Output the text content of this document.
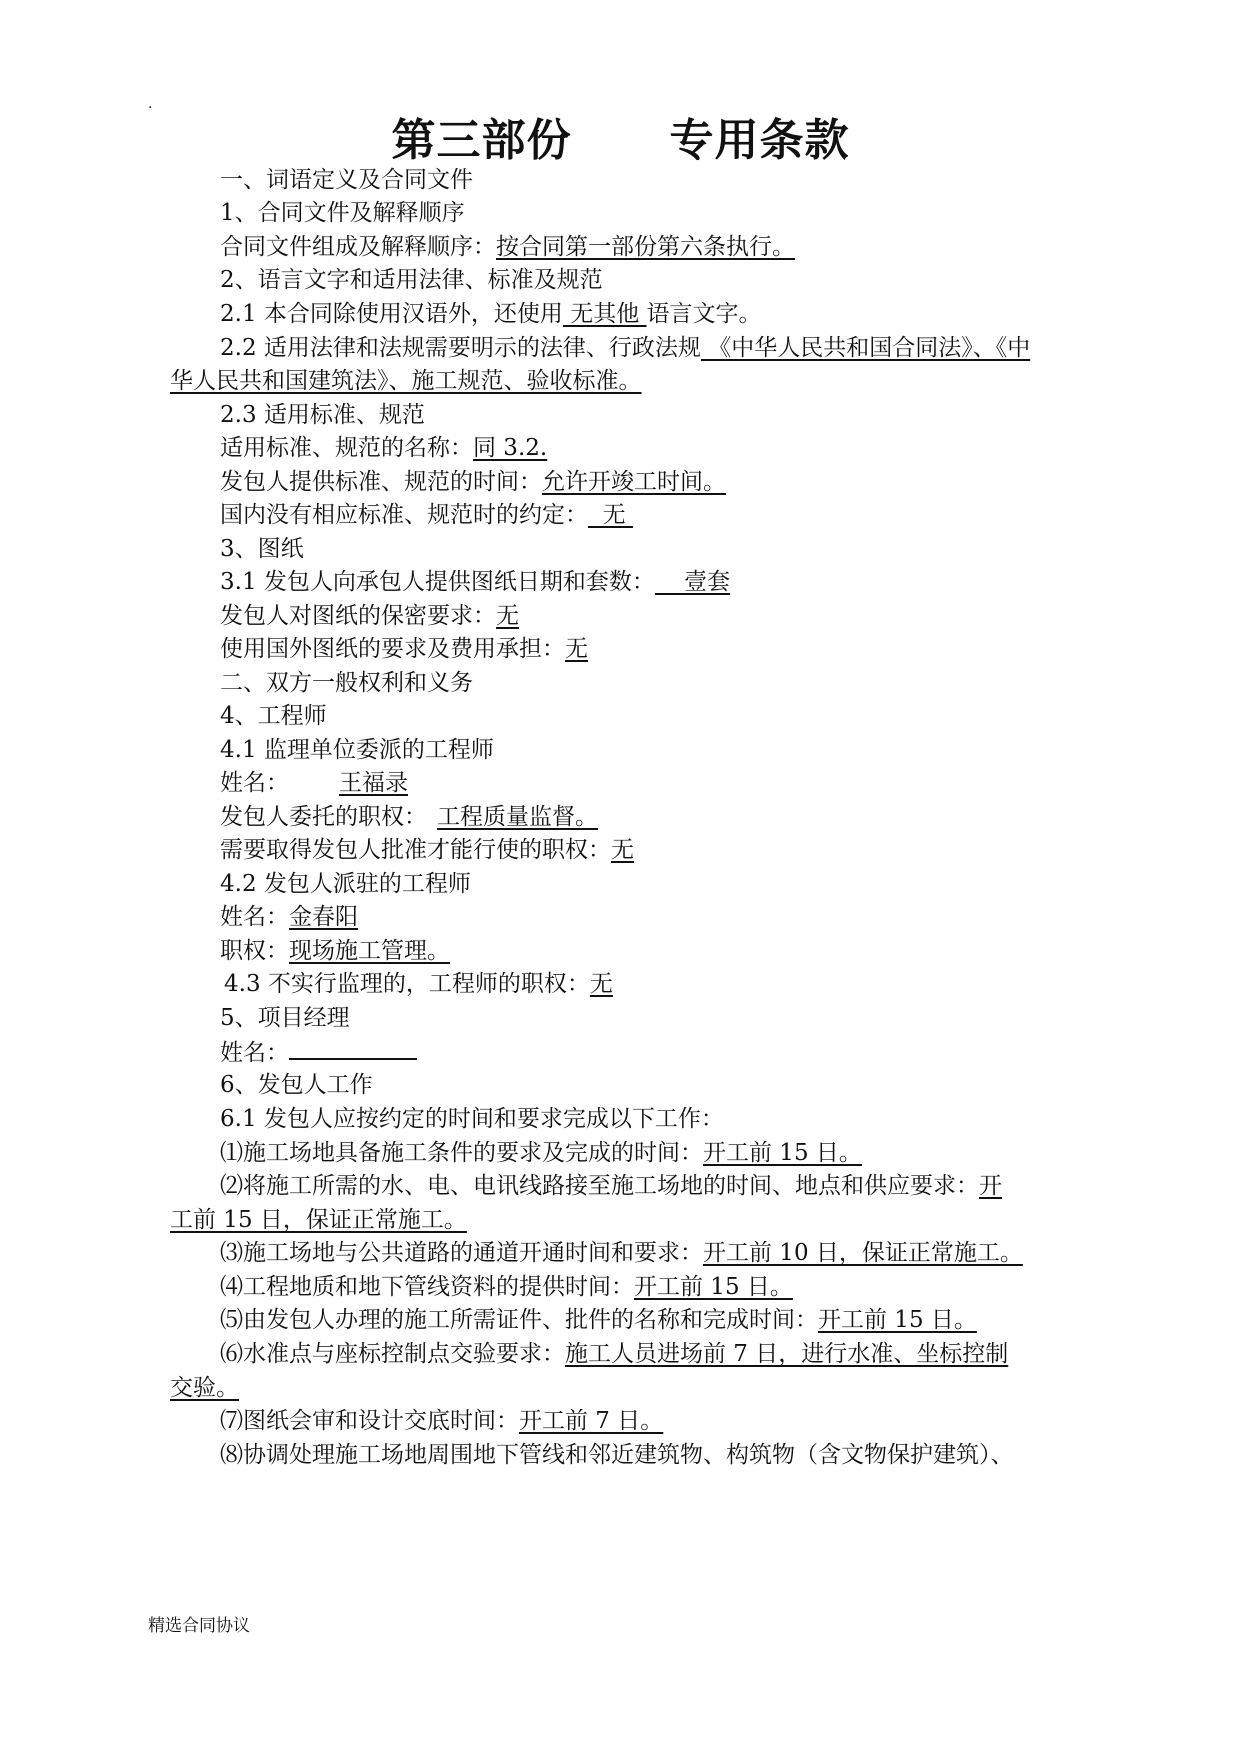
.
第三部份      专用条款
一、词语定义及合同文件
1、合同文件及解释顺序
合同文件组成及解释顺序：按合同第一部份第六条执行。
2、语言文字和适用法律、标准及规范
2.1 本合同除使用汉语外，还使用 无其他 语言文字。
2.2 适用法律和法规需要明示的法律、行政法规 《中华人民共和国合同法》、《中
华人民共和国建筑法》、施工规范、验收标准。
2.3 适用标准、规范
适用标准、规范的名称：同 3.2.
发包人提供标准、规范的时间：允许开竣工时间。
国内没有相应标准、规范时的约定：  无
3、图纸
3.1 发包人向承包人提供图纸日期和套数：    壹套
发包人对图纸的保密要求：无
使用国外图纸的要求及费用承担：无
二、双方一般权利和义务
4、工程师
4.1 监理单位委派的工程师
姓名： 王福录
发包人委托的职权： 工程质量监督。
需要取得发包人批准才能行使的职权：无
4.2 发包人派驻的工程师
姓名：金春阳
职权：现场施工管理。
4.3 不实行监理的，工程师的职权：无
5、项目经理
姓名：
6、发包人工作
6.1 发包人应按约定的时间和要求完成以下工作：
⑴施工场地具备施工条件的要求及完成的时间：开工前 15 日。
⑵将施工所需的水、电、电讯线路接至施工场地的时间、地点和供应要求：开
工前 15 日，保证正常施工。
⑶施工场地与公共道路的通道开通时间和要求：开工前 10 日，保证正常施工。
⑷工程地质和地下管线资料的提供时间：开工前 15 日。
⑸由发包人办理的施工所需证件、批件的名称和完成时间：开工前 15 日。
⑹水准点与座标控制点交验要求：施工人员进场前 7 日，进行水准、坐标控制
交验。
⑺图纸会审和设计交底时间：开工前 7 日。
⑻协调处理施工场地周围地下管线和邻近建筑物、构筑物（含文物保护建筑）、
精选合同协议
